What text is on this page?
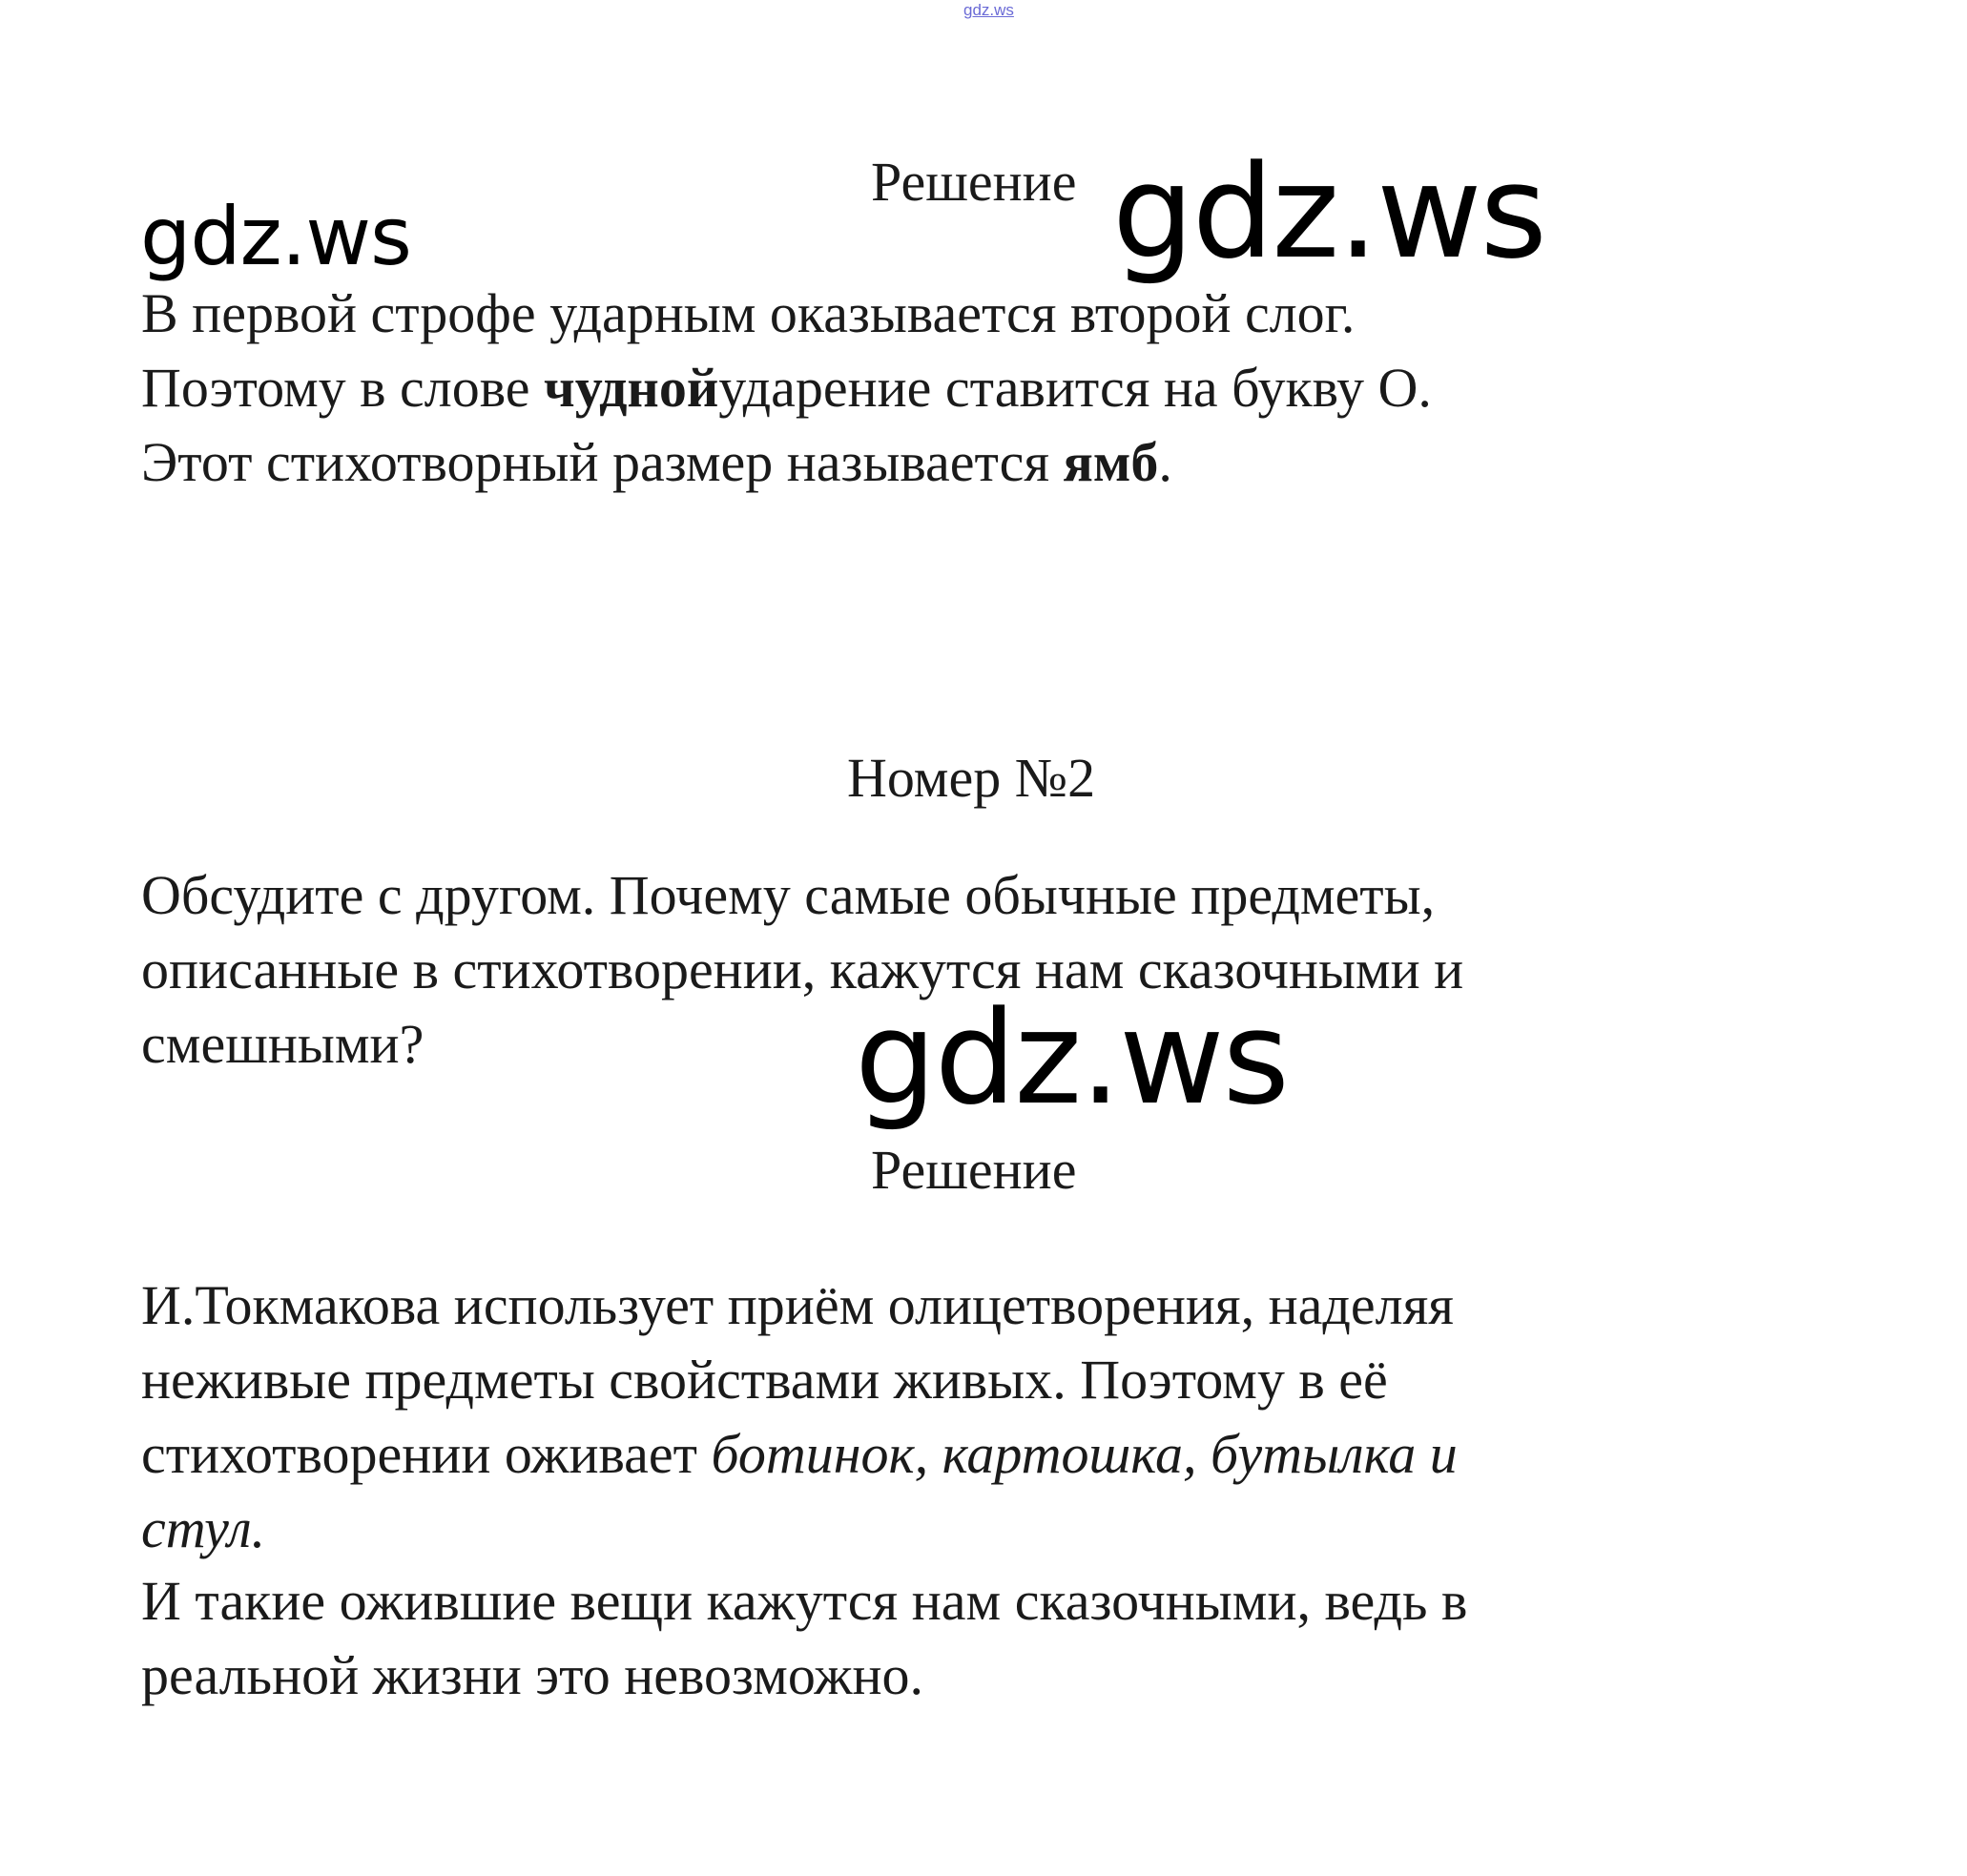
gdz.ws
Решение
gdz.ws	gdz.ws
В первой строфе ударным оказывается второй слог.
Поэтому в слове чуднойударение ставится на букву О.
Этот стихотворный размер называется ямб.
Номер №2
Обсудите с другом. Почему самые обычные предметы,
описанные в стихотворении, кажутся нам сказочными и
смешными?	gdz.ws
Решение
И.Токмакова использует приём олицетворения, наделяя
неживые предметы свойствами живых. Поэтому в её
стихотворении оживает ботинок, картошка, бутылка и
стул.
И такие ожившие вещи кажутся нам сказочными, ведь в
реальной жизни это невозможно.
